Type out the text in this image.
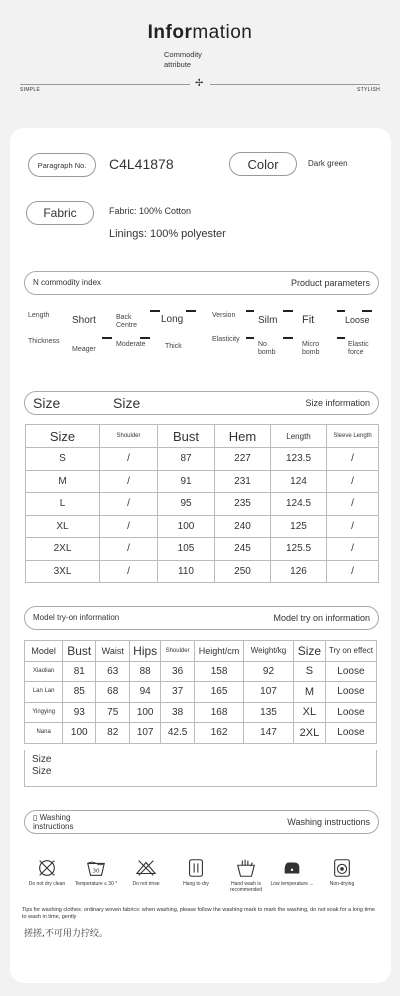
Information
Commodity
attribute
✢
SIMPLE	STYLISH
Paragraph No.	C4L41878	Color	Dark green
Fabric	Fabric: 100% Cotton
Linings: 100% polyester
N commodity index	Product parameters
Length Short	Back Centre
Long	Version Silm Fit	Loose
Thickness
Meager
Moderate	Thick
Elasticity
No bomb
Micro bomb
Elastic force
Size	Size	Size information
Size	Shoulder	Bust	Hem	Length	Sleeve Length
S	/	87	227	123.5	/
M	/	91	231	124	/
L	/	95	235	124.5	/
XL	/	100	240	125	/
2XL	/	105	245	125.5	/
3XL	/	110	250	126	/
Model try-on information	Model try on information
Model	Bust	Waist	Hips	Shoulder	Height/cm	Weight/kg	Size	Try on effect
Xiaolian	81	63	88	36	158	92	S	Loose
Lan Lan	85	68	94	37	165	107	M	Loose
Yingying	93	75	100	38	168	135	XL	Loose
Nana	100	82	107	42.5	162	147	2XL	Loose
Size
Size
▯ Washing instructions	Washing instructions
Do not dry clean
30
Temperature ≤ 30 °	Do not rinse	Hang to dry	Hand wash is recommended
Low temperature ...	Non-drying
Tips for washing clothes: ordinary woven fabrics: when washing, please follow the washing mark to mark the washing, do not soak for a long time to wash in time, gently
搓搓,不可用力拧绞。
